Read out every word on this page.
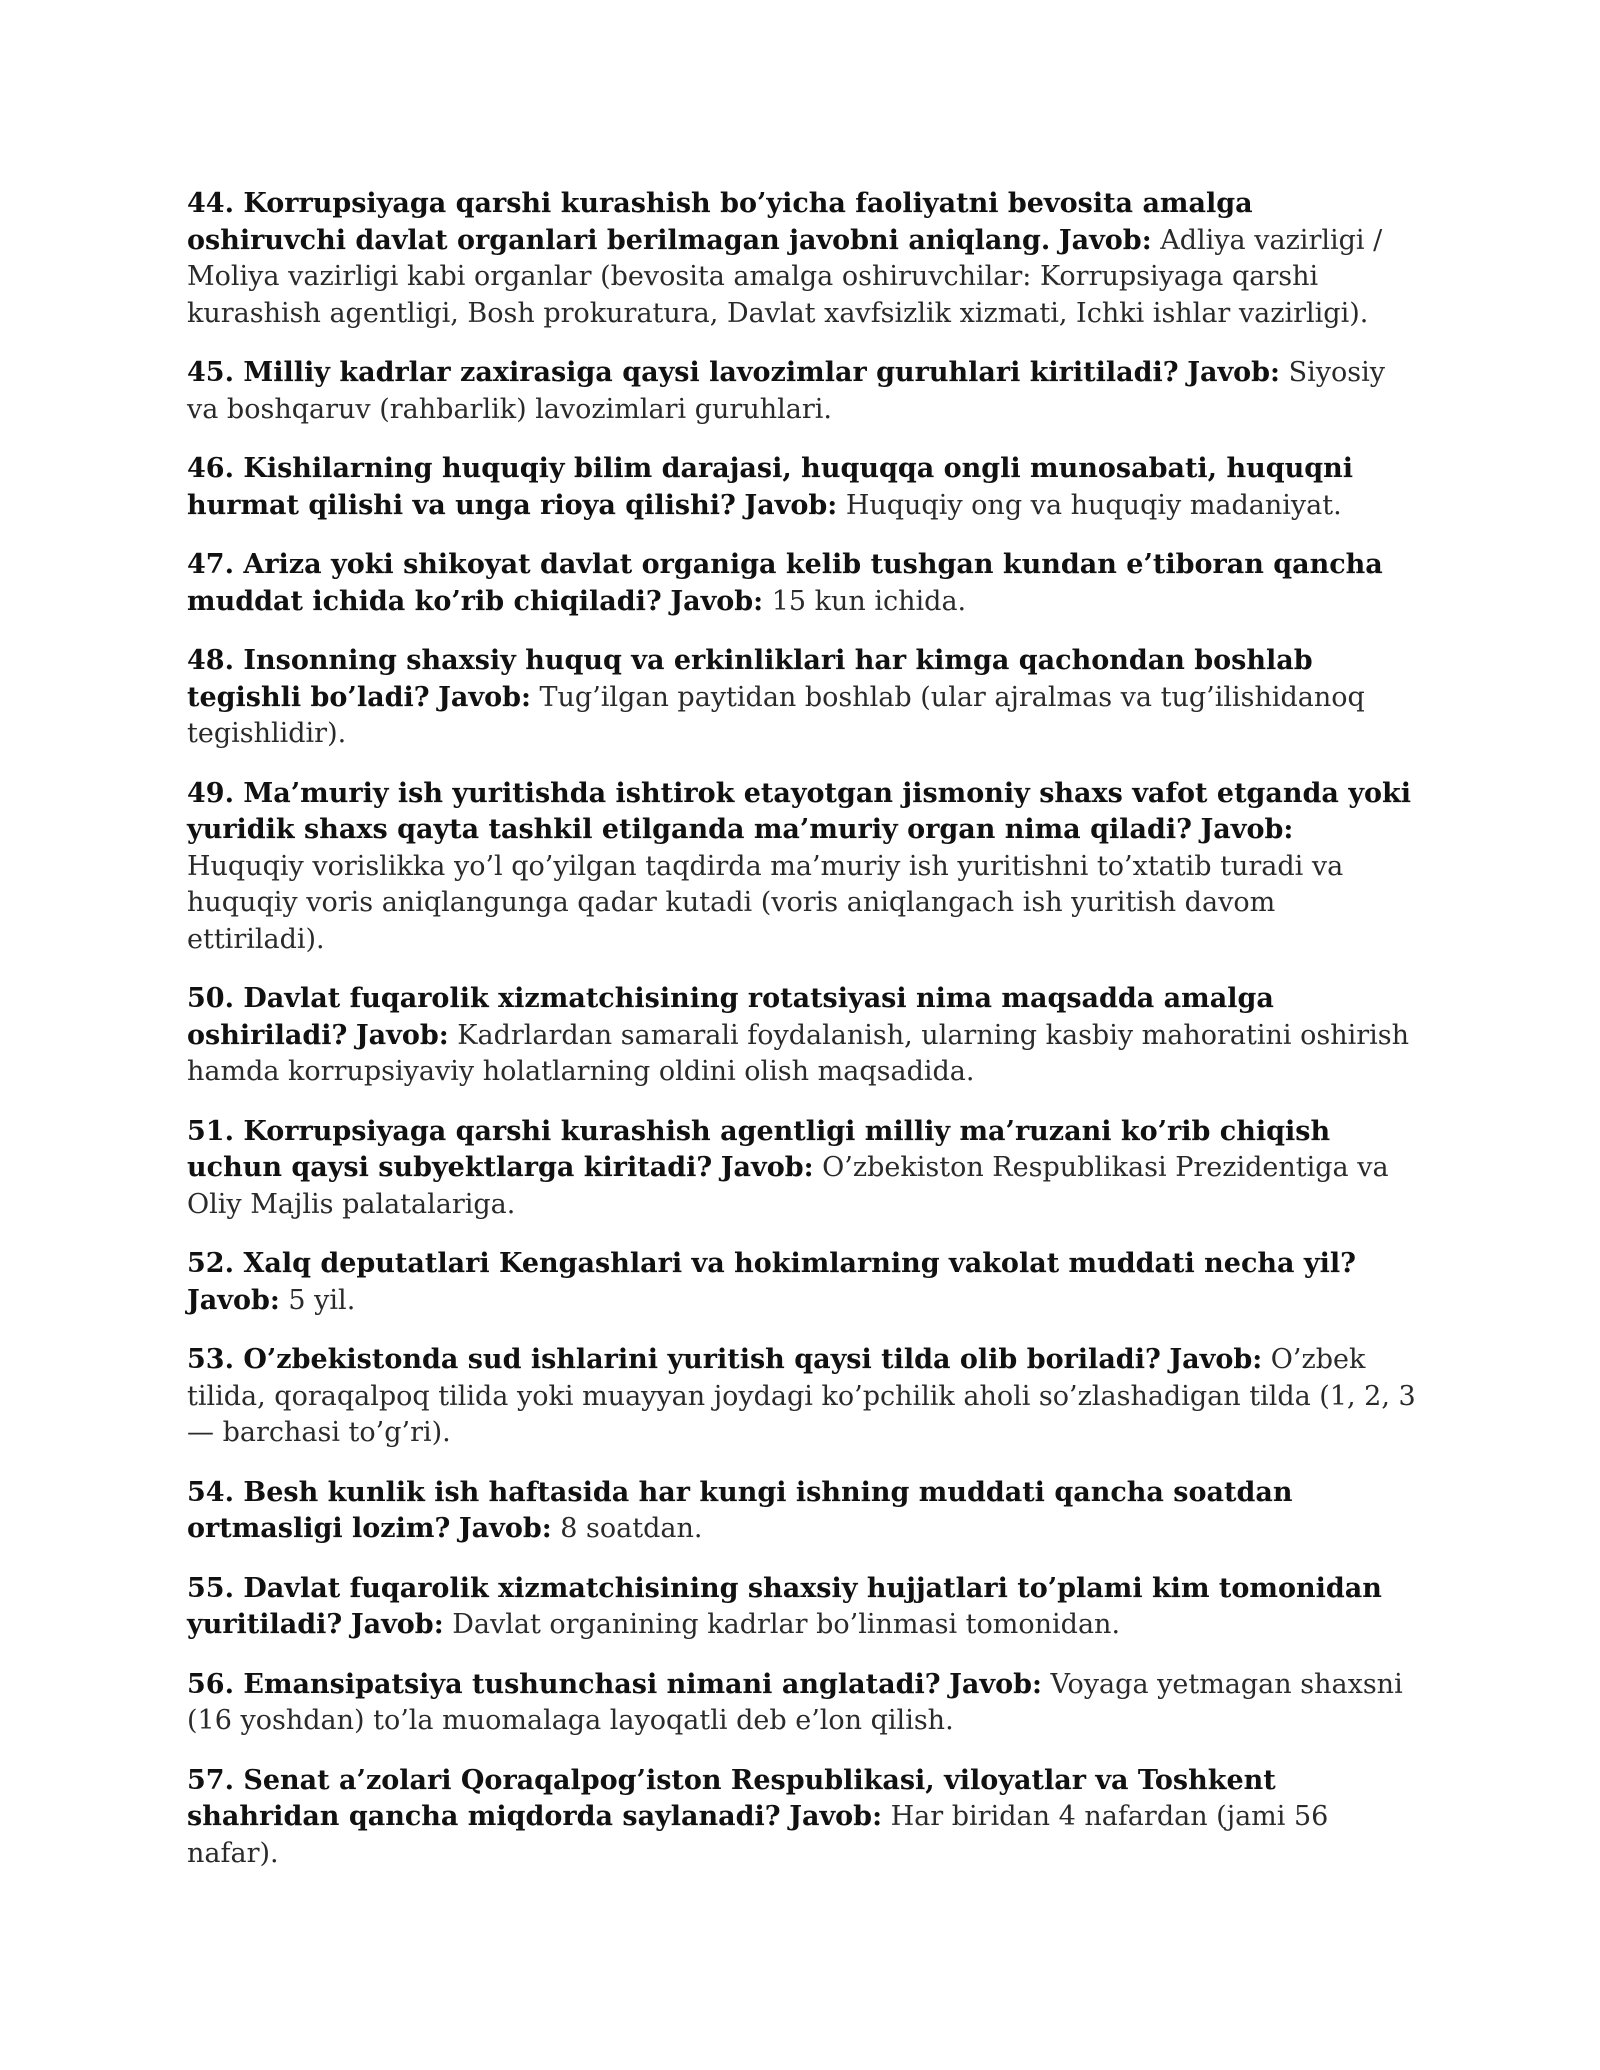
44. Korrupsiyaga qarshi kurashish bo’yicha faoliyatni bevosita amalga oshiruvchi davlat organlari berilmagan javobni aniqlang. Javob: Adliya vazirligi / Moliya vazirligi kabi organlar (bevosita amalga oshiruvchilar: Korrupsiyaga qarshi kurashish agentligi, Bosh prokuratura, Davlat xavfsizlik xizmati, Ichki ishlar vazirligi).

45. Milliy kadrlar zaxirasiga qaysi lavozimlar guruhlari kiritiladi? Javob: Siyosiy va boshqaruv (rahbarlik) lavozimlari guruhlari.

46. Kishilarning huquqiy bilim darajasi, huquqqa ongli munosabati, huquqni hurmat qilishi va unga rioya qilishi? Javob: Huquqiy ong va huquqiy madaniyat.

47. Ariza yoki shikoyat davlat organiga kelib tushgan kundan e’tiboran qancha muddat ichida ko’rib chiqiladi? Javob: 15 kun ichida.

48. Insonning shaxsiy huquq va erkinliklari har kimga qachondan boshlab tegishli bo’ladi? Javob: Tug’ilgan paytidan boshlab (ular ajralmas va tug’ilishidanoq tegishlidir).

49. Ma’muriy ish yuritishda ishtirok etayotgan jismoniy shaxs vafot etganda yoki yuridik shaxs qayta tashkil etilganda ma’muriy organ nima qiladi? Javob: Huquqiy vorislikka yo’l qo’yilgan taqdirda ma’muriy ish yuritishni to’xtatib turadi va huquqiy voris aniqlangunga qadar kutadi (voris aniqlangach ish yuritish davom ettiriladi).

50. Davlat fuqarolik xizmatchisining rotatsiyasi nima maqsadda amalga oshiriladi? Javob: Kadrlardan samarali foydalanish, ularning kasbiy mahoratini oshirish hamda korrupsiyaviy holatlarning oldini olish maqsadida.

51. Korrupsiyaga qarshi kurashish agentligi milliy ma’ruzani ko’rib chiqish uchun qaysi subyektlarga kiritadi? Javob: O’zbekiston Respublikasi Prezidentiga va Oliy Majlis palatalariga.

52. Xalq deputatlari Kengashlari va hokimlarning vakolat muddati necha yil? Javob: 5 yil.

53. O’zbekistonda sud ishlarini yuritish qaysi tilda olib boriladi? Javob: O’zbek tilida, qoraqalpoq tilida yoki muayyan joydagi ko’pchilik aholi so’zlashadigan tilda (1, 2, 3 — barchasi to’g’ri).

54. Besh kunlik ish haftasida har kungi ishning muddati qancha soatdan ortmasligi lozim? Javob: 8 soatdan.

55. Davlat fuqarolik xizmatchisining shaxsiy hujjatlari to’plami kim tomonidan yuritiladi? Javob: Davlat organining kadrlar bo’linmasi tomonidan.

56. Emansipatsiya tushunchasi nimani anglatadi? Javob: Voyaga yetmagan shaxsni (16 yoshdan) to’la muomalaga layoqatli deb e’lon qilish.

57. Senat a’zolari Qoraqalpog’iston Respublikasi, viloyatlar va Toshkent shahridan qancha miqdorda saylanadi? Javob: Har biridan 4 nafardan (jami 56 nafar).
